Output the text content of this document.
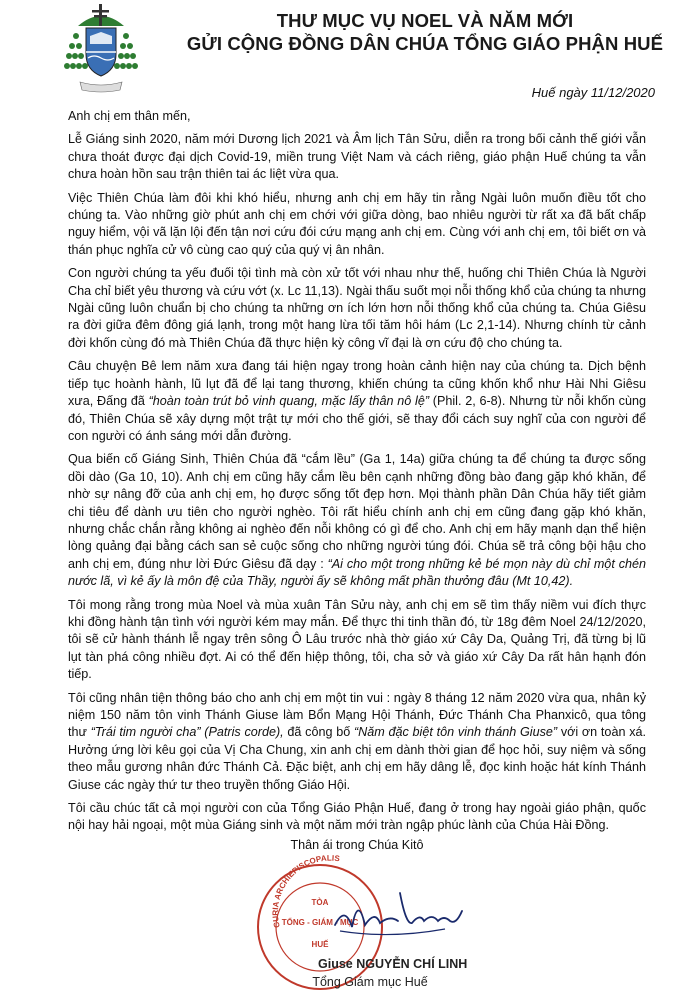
THƯ MỤC VỤ NOEL VÀ NĂM MỚI
GỬI CỘNG ĐỒNG DÂN CHÚA TỔNG GIÁO PHẬN HUẾ
Huế ngày 11/12/2020

Anh chị em thân mến,

Lễ Giáng sinh 2020, năm mới Dương lịch 2021 và Âm lịch Tân Sửu, diễn ra trong bối cảnh thế giới vẫn chưa thoát được đại dịch Covid-19, miền trung Việt Nam và cách riêng, giáo phận Huế chúng ta vẫn chưa hoàn hồn sau trận thiên tai ác liệt vừa qua.

Việc Thiên Chúa làm đôi khi khó hiểu, nhưng anh chị em hãy tin rằng Ngài luôn muốn điều tốt cho chúng ta. Vào những giờ phút anh chị em chới với giữa dòng, bao nhiêu người từ rất xa đã bất chấp nguy hiểm, vội vã lặn lội đến tận nơi cứu đói cứu mạng anh chị em. Cùng với anh chị em, tôi biết ơn và thán phục nghĩa cử vô cùng cao quý của quý vị ân nhân.

Con người chúng ta yếu đuối tội tình mà còn xử tốt với nhau như thế, huống chi Thiên Chúa là Người Cha chỉ biết yêu thương và cứu vớt (x. Lc 11,13). Ngài thấu suốt mọi nỗi thống khổ của chúng ta nhưng Ngài cũng luôn chuẩn bị cho chúng ta những ơn ích lớn hơn nỗi thống khổ của chúng ta. Chúa Giêsu ra đời giữa đêm đông giá lạnh, trong một hang lừa tối tăm hôi hám (Lc 2,1-14). Nhưng chính từ cảnh đời khốn cùng đó mà Thiên Chúa đã thực hiện kỳ công vĩ đại là ơn cứu độ cho chúng ta.

Câu chuyện Bê lem năm xưa đang tái hiện ngay trong hoàn cảnh hiện nay của chúng ta. Dịch bệnh tiếp tục hoành hành, lũ lụt đã để lại tang thương, khiến chúng ta cũng khốn khổ như Hài Nhi Giêsu xưa, Đấng đã “hoàn toàn trút bỏ vinh quang, mặc lấy thân nô lệ” (Phil. 2, 6-8). Nhưng từ nỗi khốn cùng đó, Thiên Chúa sẽ xây dựng một trật tự mới cho thế giới, sẽ thay đổi cách suy nghĩ của con người để con người có ánh sáng mới dẫn đường.

Qua biến cố Giáng Sinh, Thiên Chúa đã “cắm lều” (Ga 1, 14a) giữa chúng ta để chúng ta được sống dồi dào (Ga 10, 10). Anh chị em cũng hãy cắm lều bên cạnh những đồng bào đang gặp khó khăn, để nhờ sự nâng đỡ của anh chị em, họ được sống tốt đẹp hơn. Mọi thành phần Dân Chúa hãy tiết giảm chi tiêu để dành ưu tiên cho người nghèo. Tôi rất hiểu chính anh chị em cũng đang gặp khó khăn, nhưng chắc chắn rằng không ai nghèo đến nỗi không có gì để cho. Anh chị em hãy mạnh dạn thể hiện lòng quảng đại bằng cách san sẻ cuộc sống cho những người túng đói. Chúa sẽ trả công bội hậu cho anh chị em, đúng như lời Đức Giêsu đã dạy : “Ai cho một trong những kẻ bé mọn này dù chỉ một chén nước lã, vì kẻ ấy là môn đệ của Thầy, người ấy sẽ không mất phần thưởng đâu (Mt 10,42).

Tôi mong rằng trong mùa Noel và mùa xuân Tân Sửu này, anh chị em sẽ tìm thấy niềm vui đích thực khi đồng hành tận tình với người kém may mắn. Để thực thi tinh thần đó, từ 18g đêm Noel 24/12/2020, tôi sẽ cử hành thánh lễ ngay trên sông Ô Lâu trước nhà thờ giáo xứ Cây Da, Quảng Trị, đã từng bị lũ lụt tàn phá công nhiều đợt. Ai có thể đến hiệp thông, tôi, cha sở và giáo xứ Cây Da rất hân hạnh đón tiếp.

Tôi cũng nhân tiện thông báo cho anh chị em một tin vui : ngày 8 tháng 12 năm 2020 vừa qua, nhân kỷ niệm 150 năm tôn vinh Thánh Giuse làm Bổn Mạng Hội Thánh, Đức Thánh Cha Phanxicô, qua tông thư “Trái tim người cha” (Patris corde), đã công bố “Năm đặc biệt tôn vinh thánh Giuse” với ơn toàn xá. Hưởng ứng lời kêu gọi của Vị Cha Chung, xin anh chị em dành thời gian để học hỏi, suy niệm và sống theo mẫu gương nhân đức Thánh Cả. Đặc biệt, anh chị em hãy dâng lễ, đọc kinh hoặc hát kính Thánh Giuse các ngày thứ tư theo truyền thống Giáo Hội.

Tôi cầu chúc tất cả mọi người con của Tổng Giáo Phận Huế, đang ở trong hay ngoài giáo phận, quốc nội hay hải ngoại, một mùa Giáng sinh và một năm mới tràn ngập phúc lành của Chúa Hài Đồng.

Thân ái trong Chúa Kitô
CURIA ARCHIEPISCOPALIS
TÒA
TỔNG - GIÁM - MỤC
HUẾ
Giuse NGUYỄN CHÍ LINH
Tổng Giám mục Huế
